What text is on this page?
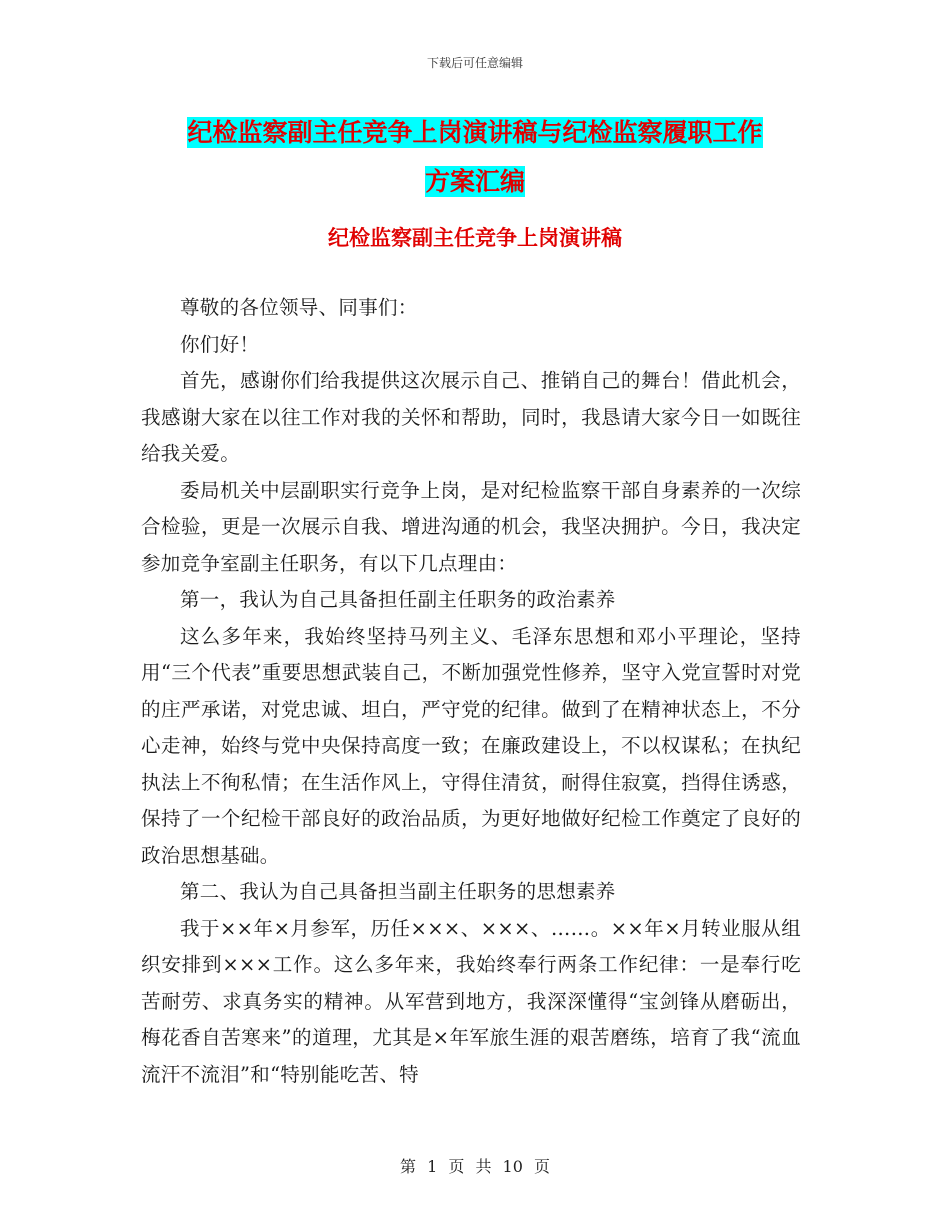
下载后可任意编辑
纪检监察副主任竞争上岗演讲稿与纪检监察履职工作
方案汇编
纪检监察副主任竞争上岗演讲稿

尊敬的各位领导、同事们：

你们好！

首先，感谢你们给我提供这次展示自己、推销自己的舞台！借此机会，我感谢大家在以往工作对我的关怀和帮助，同时，我恳请大家今日一如既往给我关爱。

委局机关中层副职实行竞争上岗，是对纪检监察干部自身素养的一次综合检验，更是一次展示自我、增进沟通的机会，我坚决拥护。今日，我决定参加竞争室副主任职务，有以下几点理由：

第一，我认为自己具备担任副主任职务的政治素养

这么多年来，我始终坚持马列主义、毛泽东思想和邓小平理论，坚持用“三个代表”重要思想武装自己，不断加强党性修养，坚守入党宣誓时对党的庄严承诺，对党忠诚、坦白，严守党的纪律。做到了在精神状态上，不分心走神，始终与党中央保持高度一致；在廉政建设上，不以权谋私；在执纪执法上不徇私情；在生活作风上，守得住清贫，耐得住寂寞，挡得住诱惑，保持了一个纪检干部良好的政治品质，为更好地做好纪检工作奠定了良好的政治思想基础。

第二、我认为自己具备担当副主任职务的思想素养

我于××年×月参军，历任×××、×××、……。××年×月转业服从组织安排到×××工作。这么多年来，我始终奉行两条工作纪律：一是奉行吃苦耐劳、求真务实的精神。从军营到地方，我深深懂得“宝剑锋从磨砺出，梅花香自苦寒来”的道理，尤其是×年军旅生涯的艰苦磨练，培育了我“流血流汗不流泪”和“特别能吃苦、特

第 1 页 共 10 页
